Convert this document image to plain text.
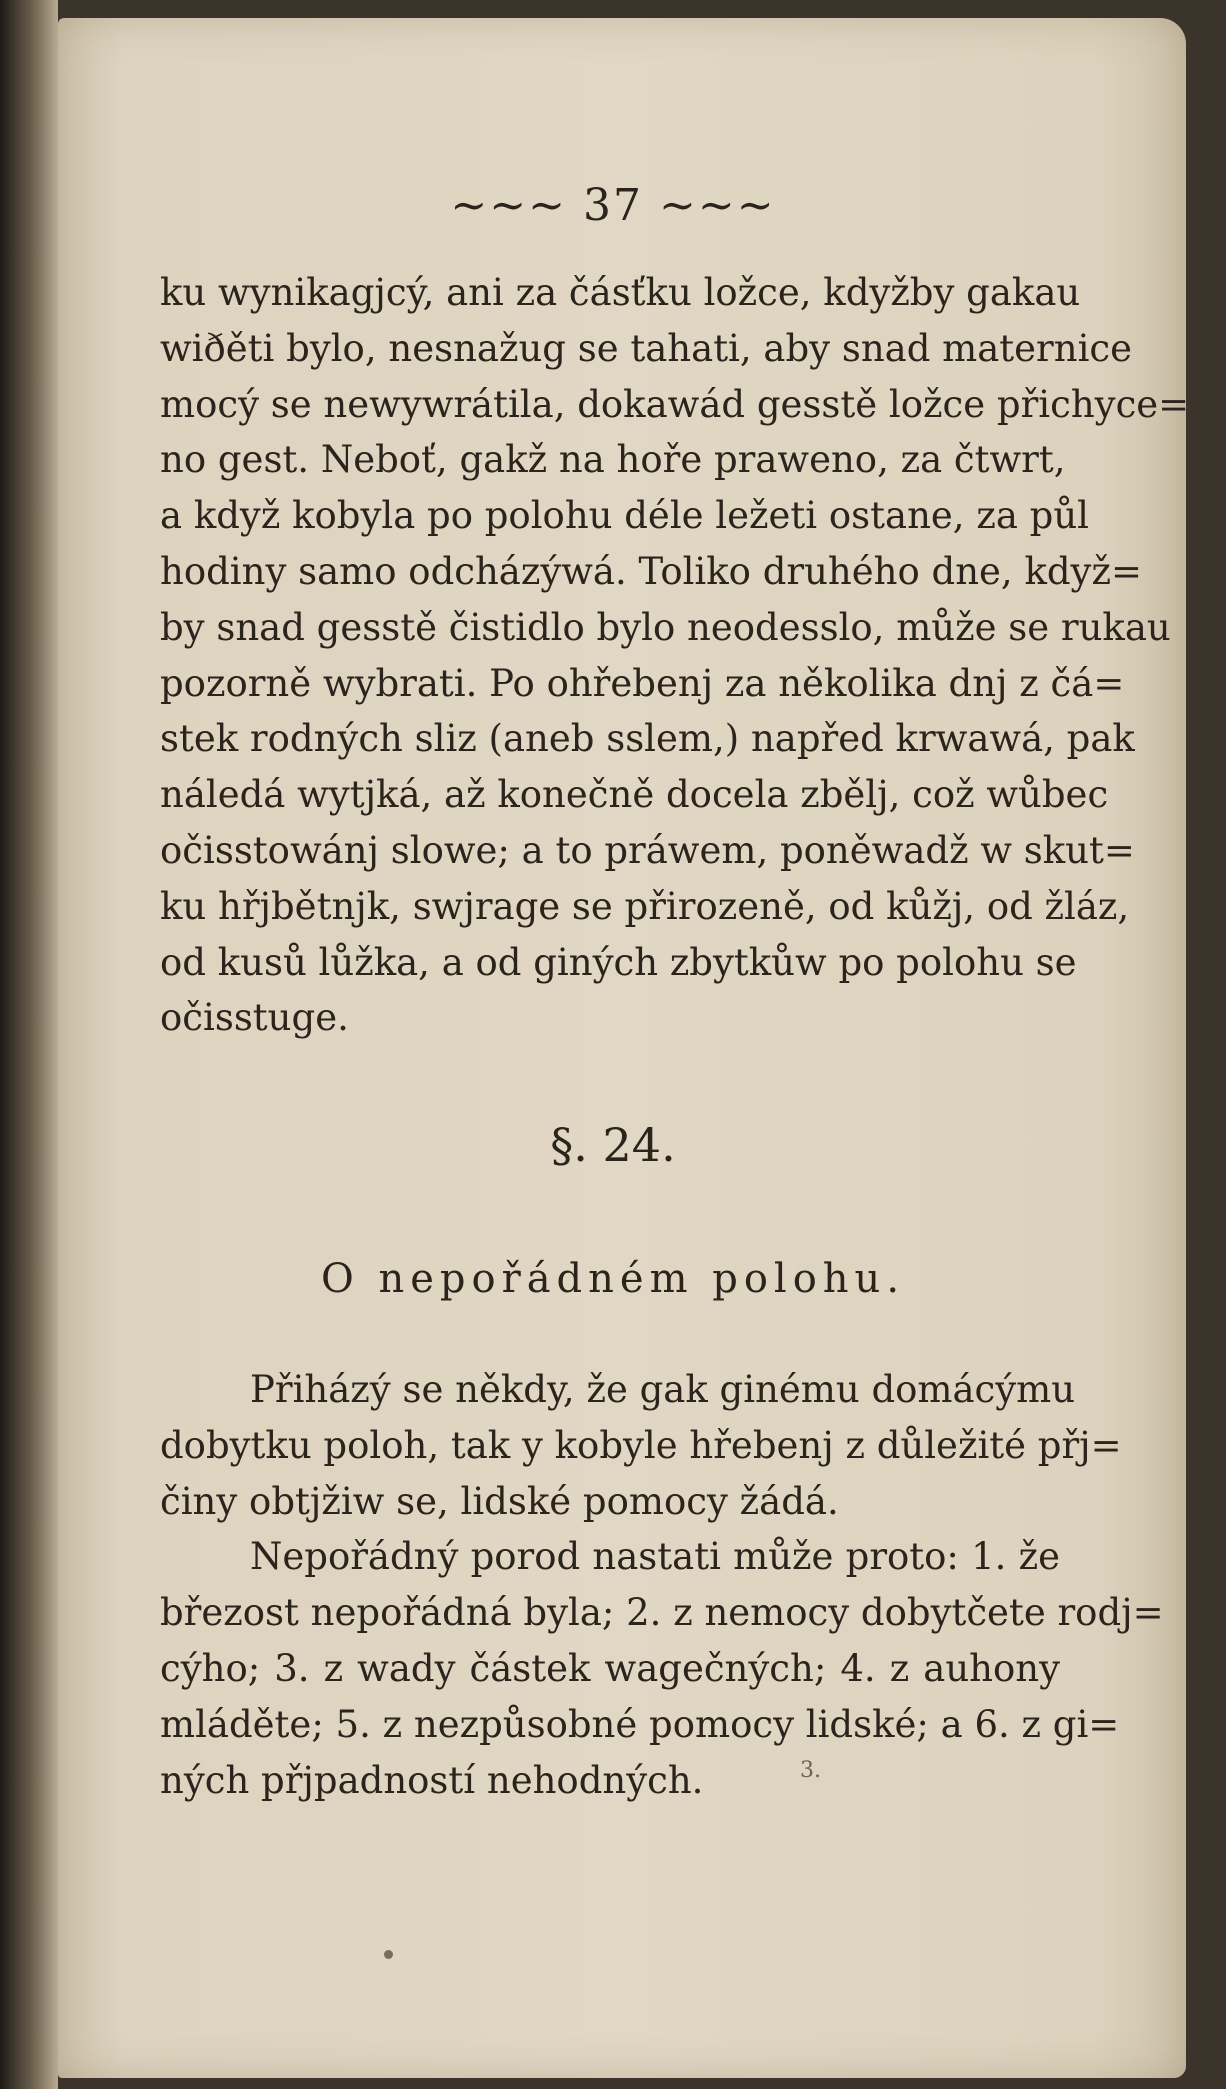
~~~ 37 ~~~
ku wynikagjcý, ani za čásťku ložce, kdyžby gakau
wiðěti bylo, nesnažug se tahati, aby snad maternice
mocý se newywrátila, dokawád gesstě ložce přichyce=
no gest. Neboť, gakž na hoře praweno, za čtwrt,
a když kobyla po polohu déle ležeti ostane, za půl
hodiny samo odcházýwá. Toliko druhého dne, když=
by snad gesstě čistidlo bylo neodesslo, může se rukau
pozorně wybrati. Po ohřebenj za několika dnj z čá=
stek rodných sliz (aneb sslem,) napřed krwawá, pak
náledá wytjká, až konečně docela zbělj, což wůbec
očisstowánj slowe; a to práwem, poněwadž w skut=
ku hřjbětnjk, swjrage se přirozeně, od kůžj, od žláz,
od kusů lůžka, a od giných zbytkůw po polohu se
očisstuge.
§. 24.
O nepořádném polohu.
Přiházý se někdy, že gak ginému domácýmu
dobytku poloh, tak y kobyle hřebenj z důležité přj=
činy obtjžiw se, lidské pomocy žádá.
Nepořádný porod nastati může proto: 1. že
březost nepořádná byla; 2. z nemocy dobytčete rodj=
cýho; 3. z wady částek wagečných; 4. z auhony
mláděte; 5. z nezpůsobné pomocy lidské; a 6. z gi=
ných přjpadností nehodných.	3.
